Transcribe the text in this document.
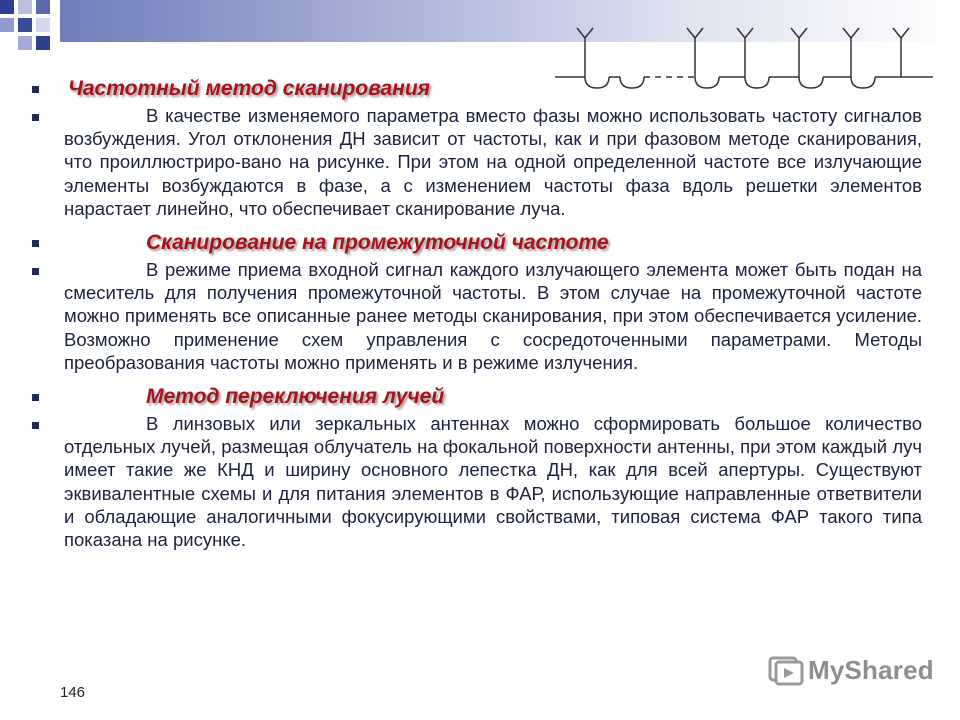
Частотный метод сканирования

В качестве изменяемого параметра вместо фазы можно использовать частоту сигналов возбуждения. Угол отклонения ДН зависит от частоты, как и при фазовом методе сканирования, что проиллюстриро-вано на рисунке. При этом на одной определенной частоте все излучающие элементы возбуждаются в фазе, а с изменением частоты фаза вдоль решетки элементов нарастает линейно, что обеспечивает сканирование луча.

Сканирование на промежуточной частоте

В режиме приема входной сигнал каждого излучающего элемента может быть подан на смеситель для получения промежуточной частоты. В этом случае на промежуточной частоте можно применять все описанные ранее методы сканирования, при этом обеспечивается усиление. Возможно применение схем управления с сосредоточенными параметрами. Методы преобразования частоты можно применять и в режиме излучения.

Метод переключения лучей

В линзовых или зеркальных антеннах можно сформировать большое количество отдельных лучей, размещая облучатель на фокальной поверхности антенны, при этом каждый луч имеет такие же КНД и ширину основного лепестка ДН, как для всей апертуры. Существуют эквивалентные схемы и для питания элементов в ФАР, использующие направленные ответвители и обладающие аналогичными фокусирующими свойствами, типовая система ФАР такого типа показана на рисунке.

146
MyShared
